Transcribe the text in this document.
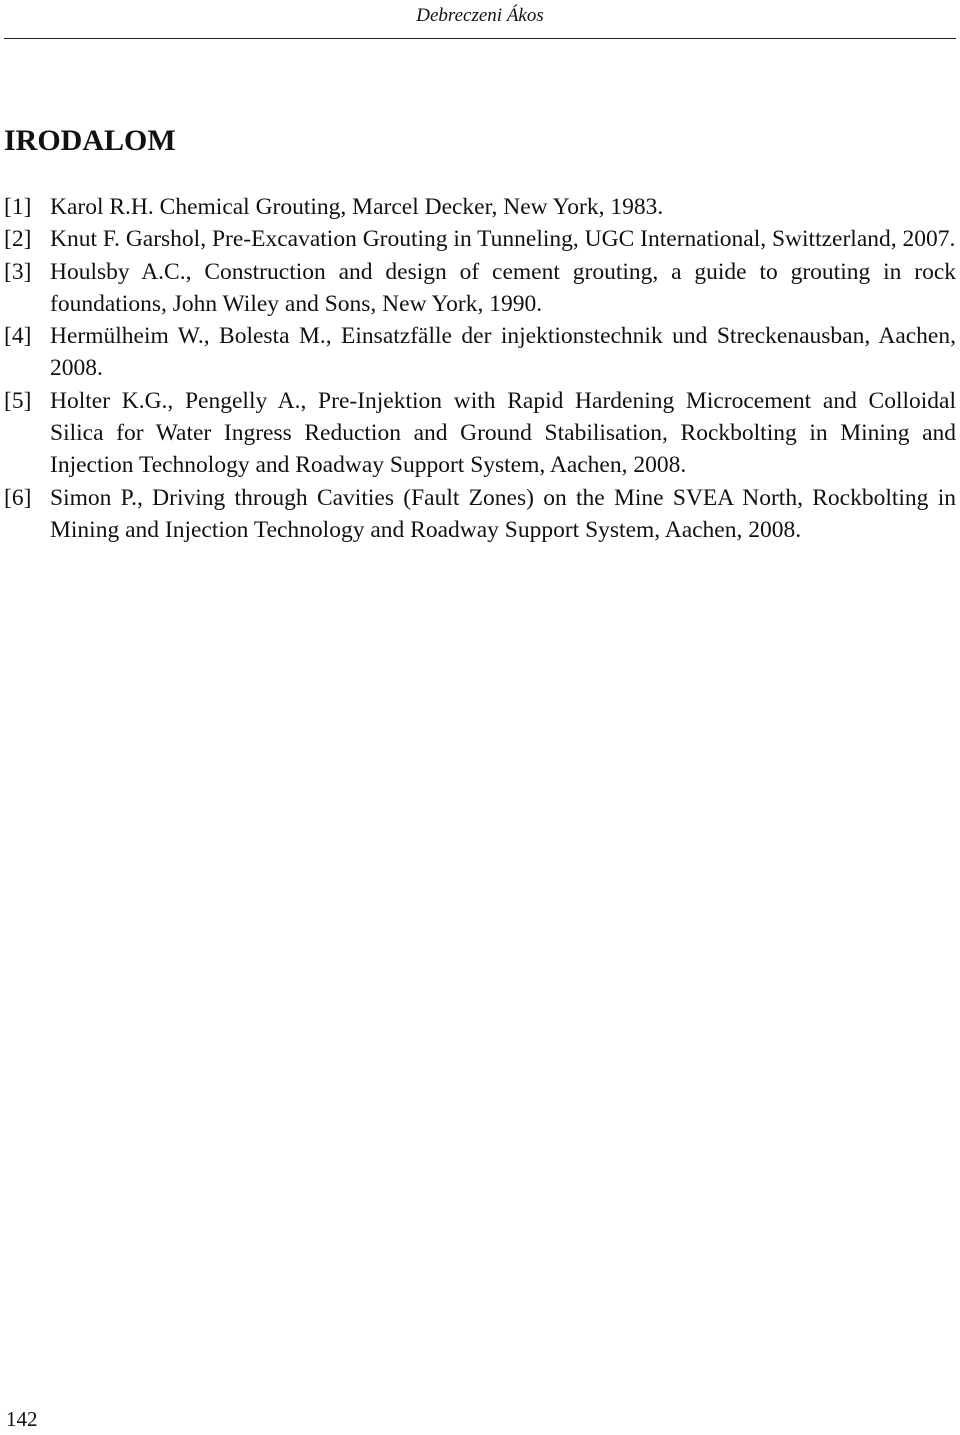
Debreczeni Ákos
IRODALOM
[1] Karol R.H. Chemical Grouting, Marcel Decker, New York, 1983.
[2] Knut F. Garshol, Pre-Excavation Grouting in Tunneling, UGC International, Swittzerland, 2007.
[3] Houlsby A.C., Construction and design of cement grouting, a guide to grouting in rock foundations, John Wiley and Sons, New York, 1990.
[4] Hermülheim W., Bolesta M., Einsatzfälle der injektionstechnik und Streckenausban, Aachen, 2008.
[5] Holter K.G., Pengelly A., Pre-Injektion with Rapid Hardening Microcement and Colloidal Silica for Water Ingress Reduction and Ground Stabilisation, Rockbolting in Mining and Injection Technology and Roadway Support System, Aachen, 2008.
[6] Simon P., Driving through Cavities (Fault Zones) on the Mine SVEA North, Rockbolting in Mining and Injection Technology and Roadway Support System, Aachen, 2008.
142
